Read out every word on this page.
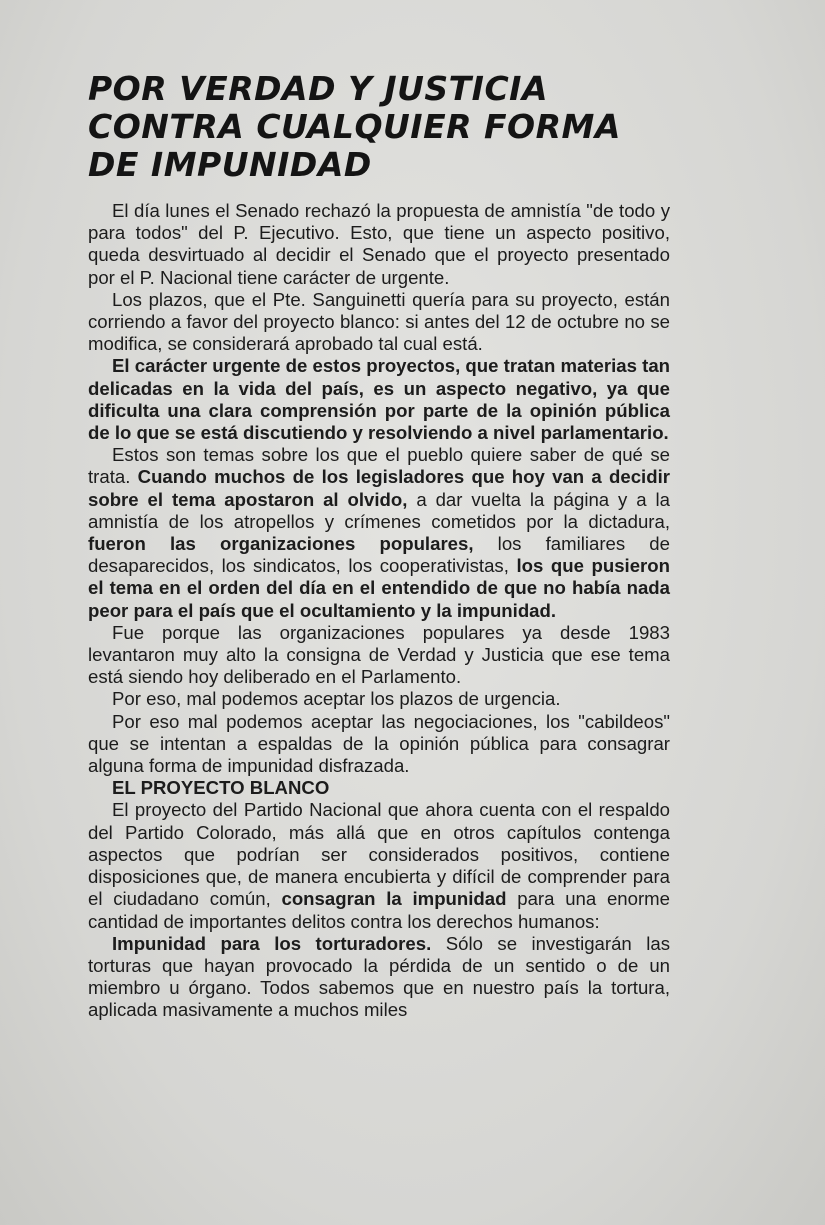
POR VERDAD Y JUSTICIA
CONTRA CUALQUIER FORMA
DE IMPUNIDAD

El día lunes el Senado rechazó la propuesta de amnistía "de todo y para todos" del P. Ejecutivo. Esto, que tiene un aspecto positivo, queda desvirtuado al decidir el Senado que el proyecto presentado por el P. Nacional tiene carácter de urgente.

Los plazos, que el Pte. Sanguinetti quería para su proyecto, están corriendo a favor del proyecto blanco: si antes del 12 de octubre no se modifica, se considerará aprobado tal cual está.

El carácter urgente de estos proyectos, que tratan materias tan delicadas en la vida del país, es un aspecto negativo, ya que dificulta una clara comprensión por parte de la opinión pública de lo que se está discutiendo y resolviendo a nivel parlamentario.

Estos son temas sobre los que el pueblo quiere saber de qué se trata. Cuando muchos de los legisladores que hoy van a decidir sobre el tema apostaron al olvido, a dar vuelta la página y a la amnistía de los atropellos y crímenes cometidos por la dictadura, fueron las organizaciones populares, los familiares de desaparecidos, los sindicatos, los cooperativistas, los que pusieron el tema en el orden del día en el entendido de que no había nada peor para el país que el ocultamiento y la impunidad.

Fue porque las organizaciones populares ya desde 1983 levantaron muy alto la consigna de Verdad y Justicia que ese tema está siendo hoy deliberado en el Parlamento.

Por eso, mal podemos aceptar los plazos de urgencia.

Por eso mal podemos aceptar las negociaciones, los "cabildeos" que se intentan a espaldas de la opinión pública para consagrar alguna forma de impunidad disfrazada.

EL PROYECTO BLANCO

El proyecto del Partido Nacional que ahora cuenta con el respaldo del Partido Colorado, más allá que en otros capítulos contenga aspectos que podrían ser considerados positivos, contiene disposiciones que, de manera encubierta y difícil de comprender para el ciudadano común, consagran la impunidad para una enorme cantidad de importantes delitos contra los derechos humanos:

Impunidad para los torturadores. Sólo se investigarán las torturas que hayan provocado la pérdida de un sentido o de un miembro u órgano. Todos sabemos que en nuestro país la tortura, aplicada masivamente a muchos miles
